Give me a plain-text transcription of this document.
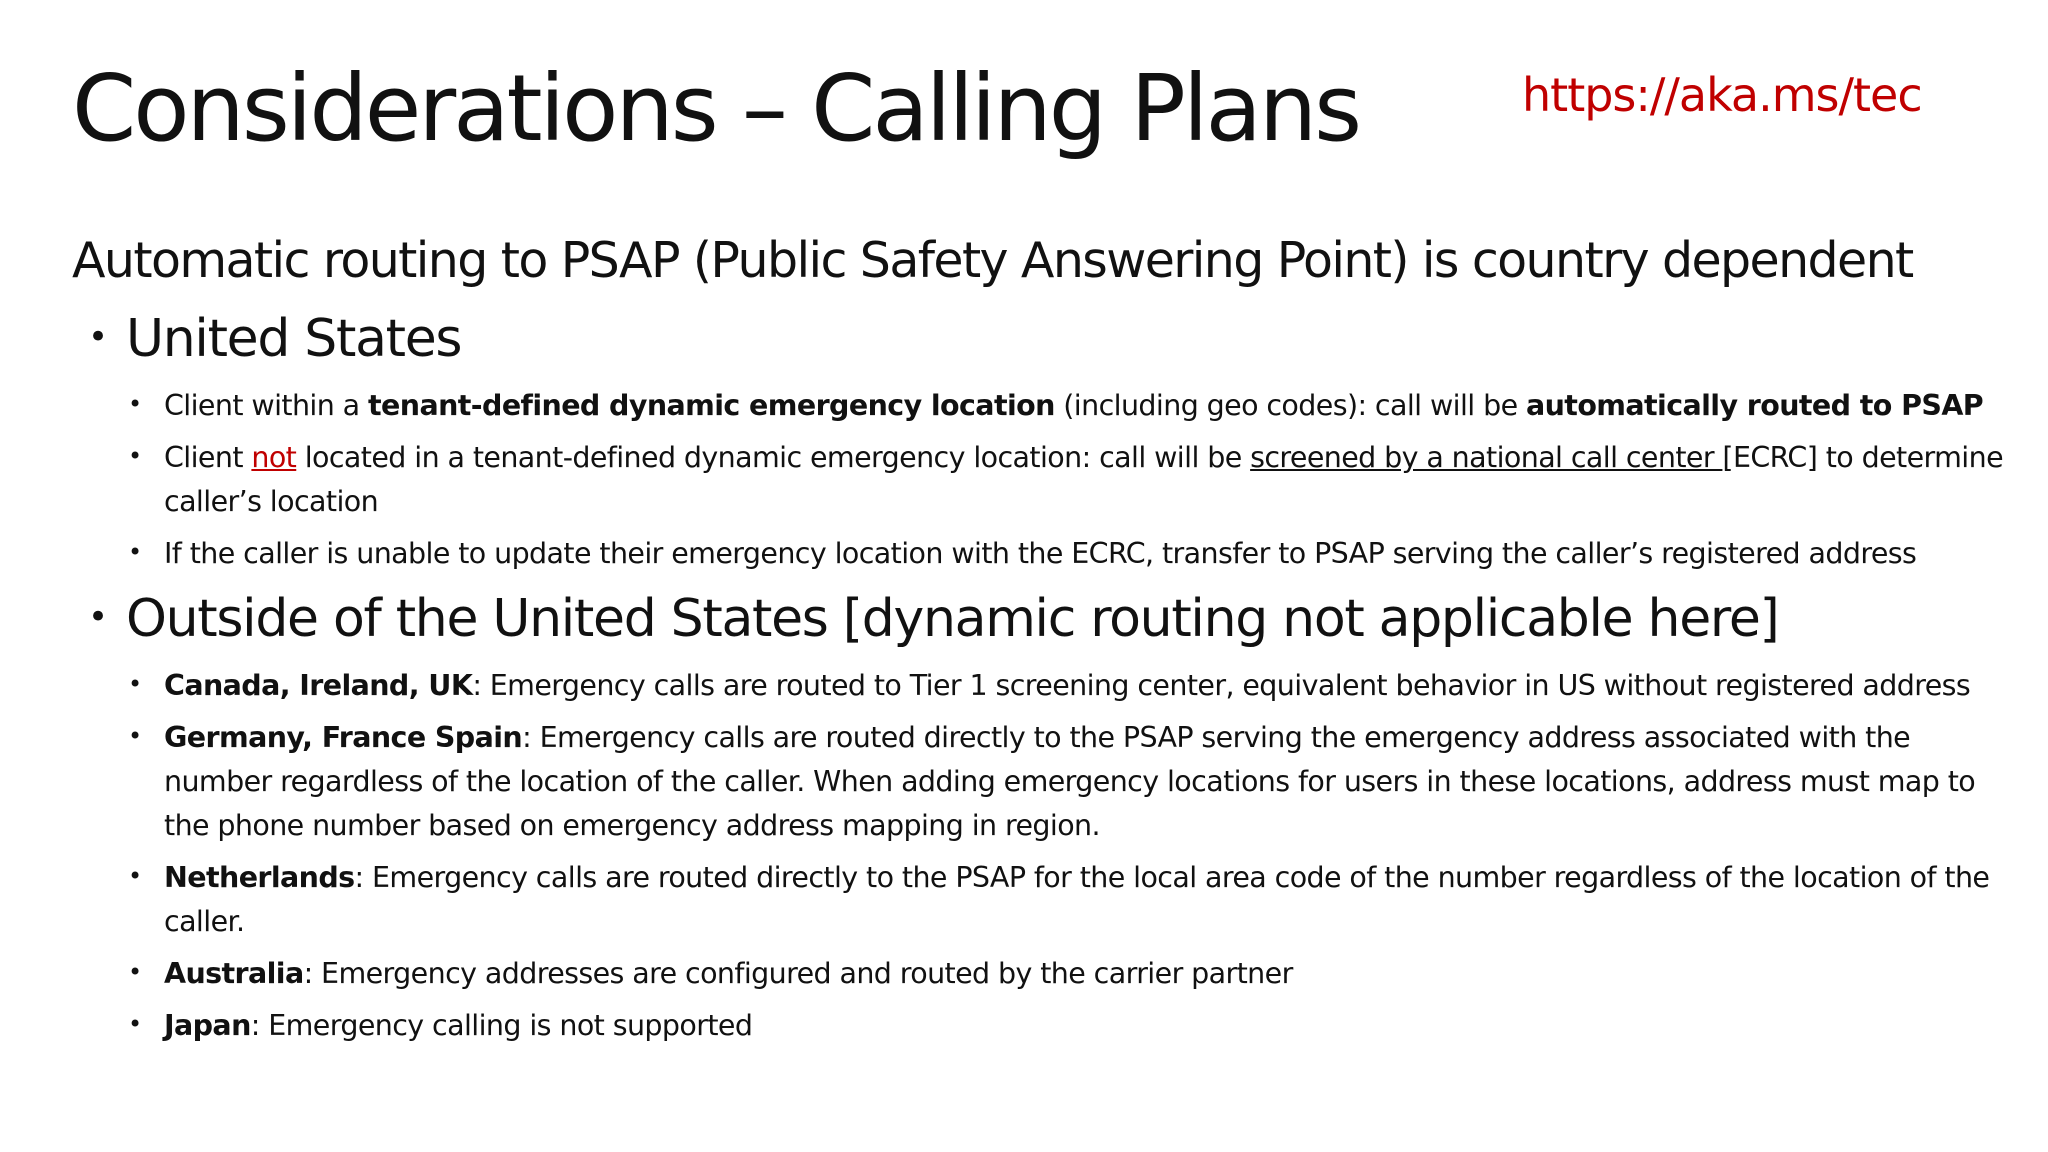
Considerations – Calling Plans	https://aka.ms/tec
Automatic routing to PSAP (Public Safety Answering Point) is country dependent
• United States
• Client within a tenant-defined dynamic emergency location (including geo codes): call will be automatically routed to PSAP
• Client not located in a tenant-defined dynamic emergency location: call will be screened by a national call center [ECRC] to determine caller’s location
• If the caller is unable to update their emergency location with the ECRC, transfer to PSAP serving the caller’s registered address
• Outside of the United States [dynamic routing not applicable here]
• Canada, Ireland, UK: Emergency calls are routed to Tier 1 screening center, equivalent behavior in US without registered address
• Germany, France Spain: Emergency calls are routed directly to the PSAP serving the emergency address associated with the number regardless of the location of the caller. When adding emergency locations for users in these locations, address must map to the phone number based on emergency address mapping in region.
• Netherlands: Emergency calls are routed directly to the PSAP for the local area code of the number regardless of the location of the caller.
• Australia: Emergency addresses are configured and routed by the carrier partner
• Japan: Emergency calling is not supported
